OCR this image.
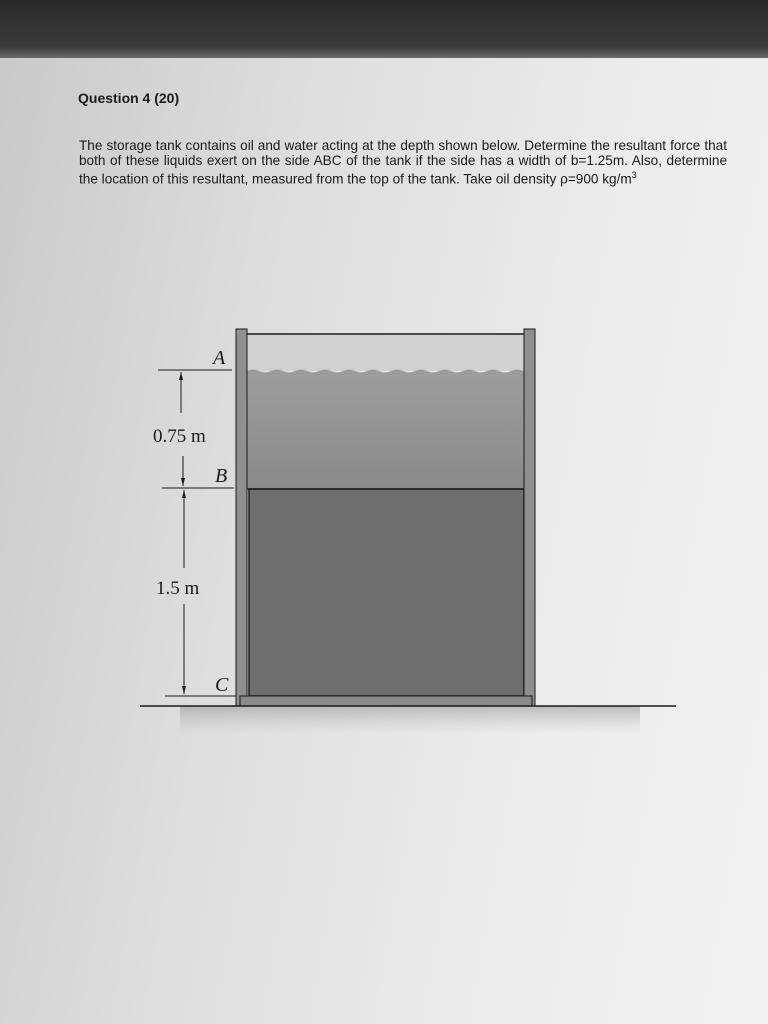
Question 4 (20)
The storage tank contains oil and water acting at the depth shown below. Determine the resultant force that both of these liquids exert on the side ABC of the tank if the side has a width of b=1.25m. Also, determine the location of this resultant, measured from the top of the tank. Take oil density ρ=900 $kg/m^3$
A
B
C
0.75 m
1.5 m
